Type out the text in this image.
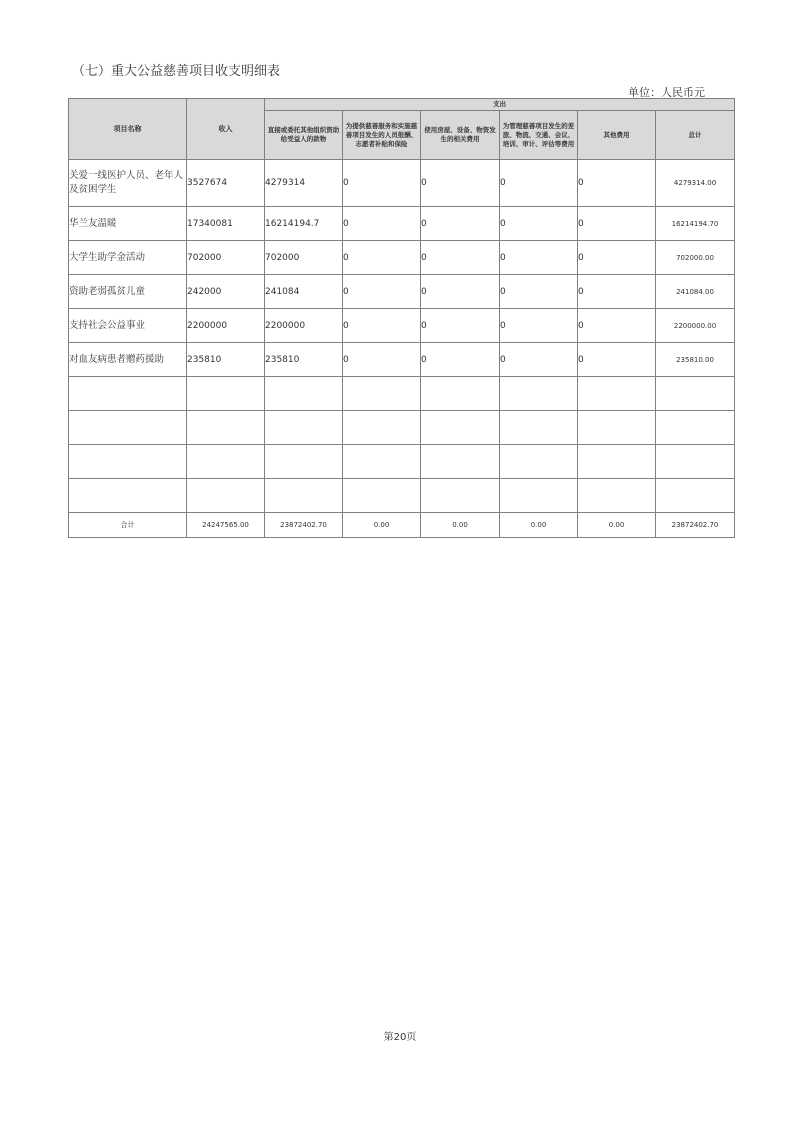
（七）重大公益慈善项目收支明细表
单位：人民币元
项目名称	收入	支出					
		直接或委托其他组织资助给受益人的款物	为提供慈善服务和实施慈善项目发生的人员报酬、志愿者补贴和保险	使用房屋、设备、物资发生的相关费用	为管理慈善项目发生的差旅、物流、交通、会议、培训、审计、评估等费用	其他费用	总计
关爱一线医护人员、老年人及贫困学生	3527674	4279314	0	0	0	0	4279314.00
华兰友温暖	17340081	16214194.7	0	0	0	0	16214194.70
大学生助学金活动	702000	702000	0	0	0	0	702000.00
资助老弱孤贫儿童	242000	241084	0	0	0	0	241084.00
支持社会公益事业	2200000	2200000	0	0	0	0	2200000.00
对血友病患者赠药援助	235810	235810	0	0	0	0	235810.00

合计	24247565.00	23872402.70	0.00	0.00	0.00	0.00	23872402.70
第20页
